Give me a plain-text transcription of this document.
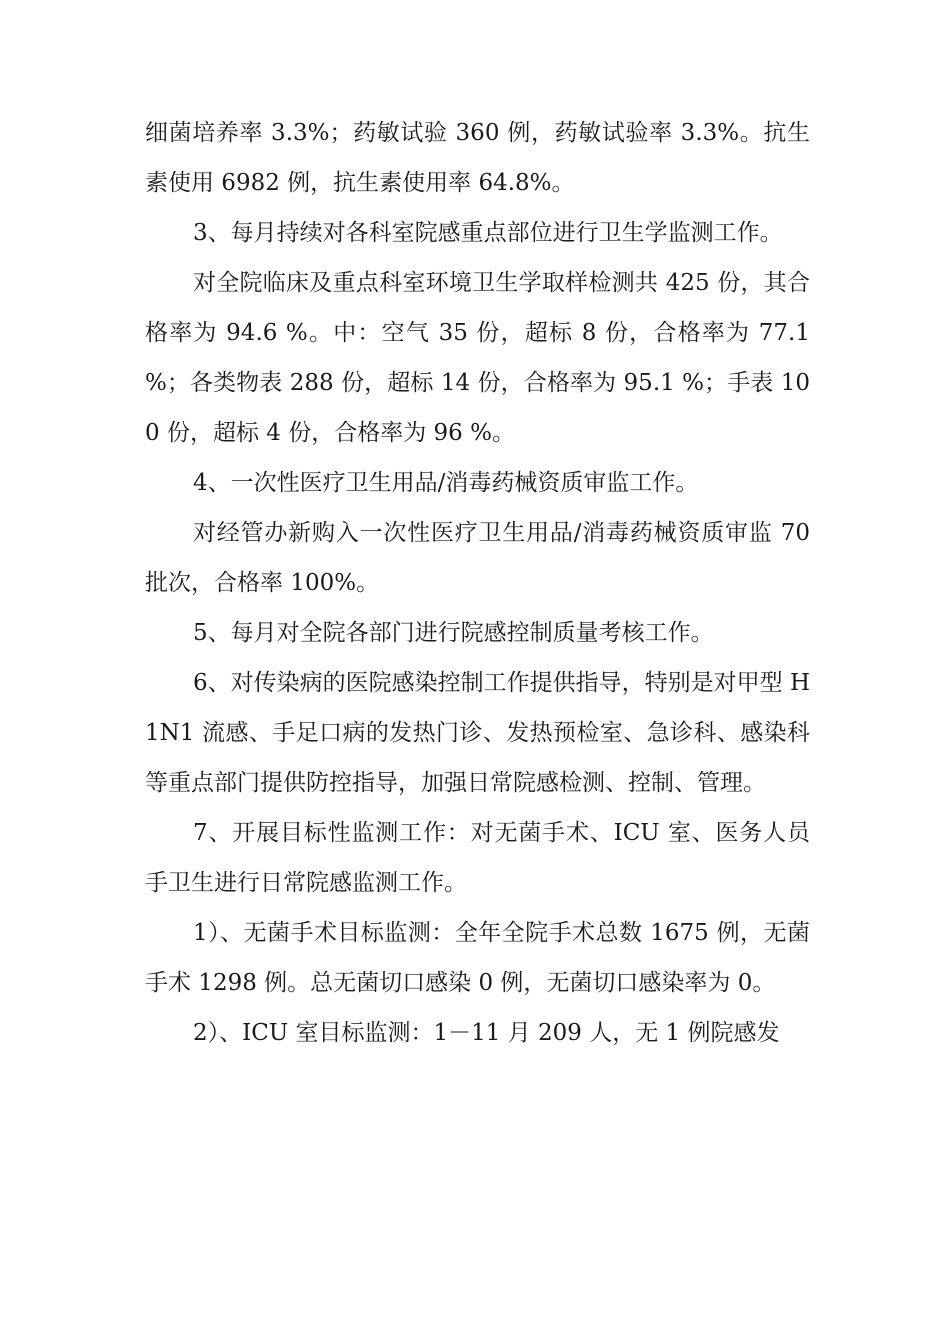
细菌培养率 3.3%；药敏试验 360 例，药敏试验率 3.3%。抗生素使用 6982 例，抗生素使用率 64.8%。

3、每月持续对各科室院感重点部位进行卫生学监测工作。

对全院临床及重点科室环境卫生学取样检测共 425 份，其合格率为 94.6 %。中：空气 35 份，超标 8 份，合格率为 77.1 %；各类物表 288 份，超标 14 份，合格率为 95.1 %；手表 100 份，超标 4 份，合格率为 96 %。

4、一次性医疗卫生用品/消毒药械资质审监工作。

对经管办新购入一次性医疗卫生用品/消毒药械资质审监 70 批次，合格率 100%。

5、每月对全院各部门进行院感控制质量考核工作。

6、对传染病的医院感染控制工作提供指导，特别是对甲型 H1N1 流感、手足口病的发热门诊、发热预检室、急诊科、感染科等重点部门提供防控指导，加强日常院感检测、控制、管理。

7、开展目标性监测工作：对无菌手术、ICU 室、医务人员手卫生进行日常院感监测工作。

1）、无菌手术目标监测：全年全院手术总数 1675 例，无菌手术 1298 例。总无菌切口感染 0 例，无菌切口感染率为 0。

2）、ICU 室目标监测：1－11 月 209 人，无 1 例院感发
